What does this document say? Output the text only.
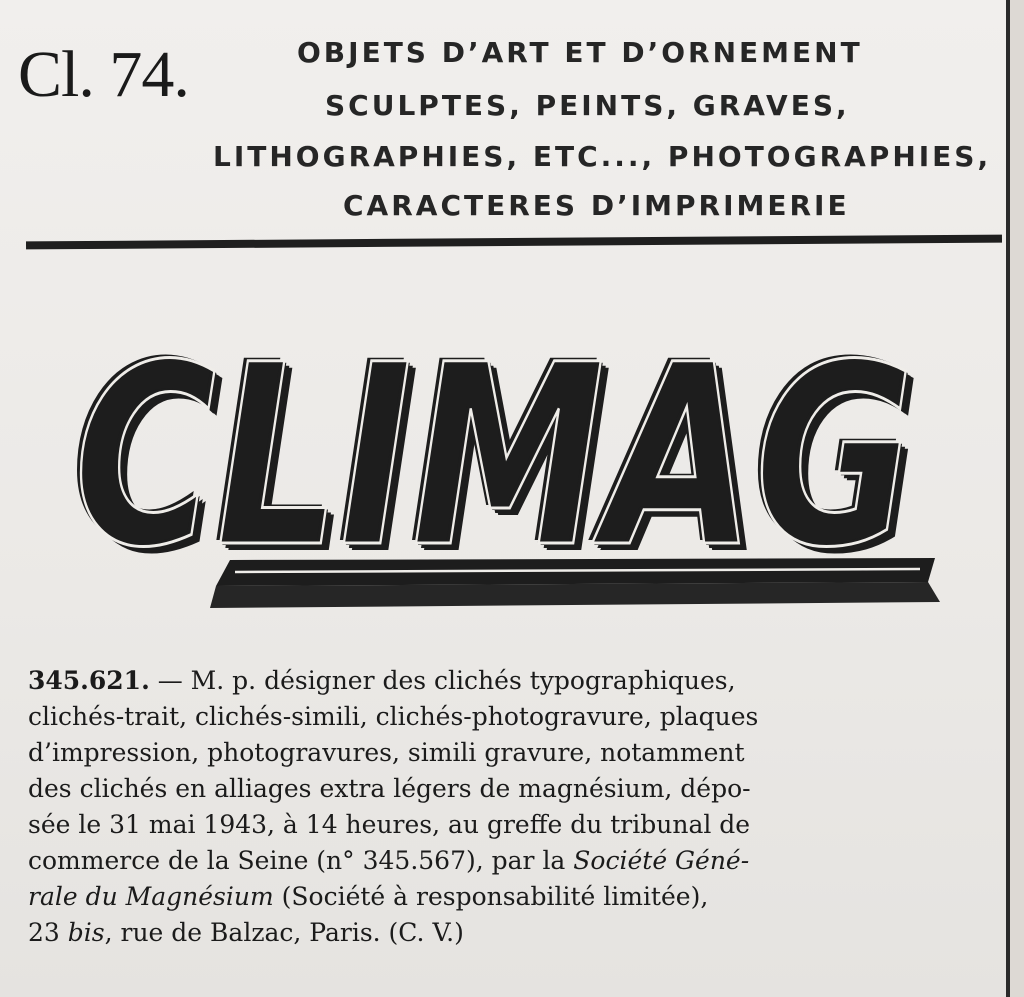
Cl. 74.	OBJETS D’ART ET D’ORNEMENT
SCULPTES, PEINTS, GRAVES,
LITHOGRAPHIES, ETC..., PHOTOGRAPHIES,
CARACTERES D’IMPRIMERIE
345.621. — M. p. désigner des clichés typographiques,
clichés-trait, clichés-simili, clichés-photogravure, plaques
d’impression, photogravures, simili gravure, notamment
des clichés en alliages extra légers de magnésium, dépo-
sée le 31 mai 1943, à 14 heures, au greffe du tribunal de
commerce de la Seine (n° 345.567), par la Société Géné-
rale du Magnésium (Société à responsabilité limitée),
23 bis, rue de Balzac, Paris. (C. V.)
